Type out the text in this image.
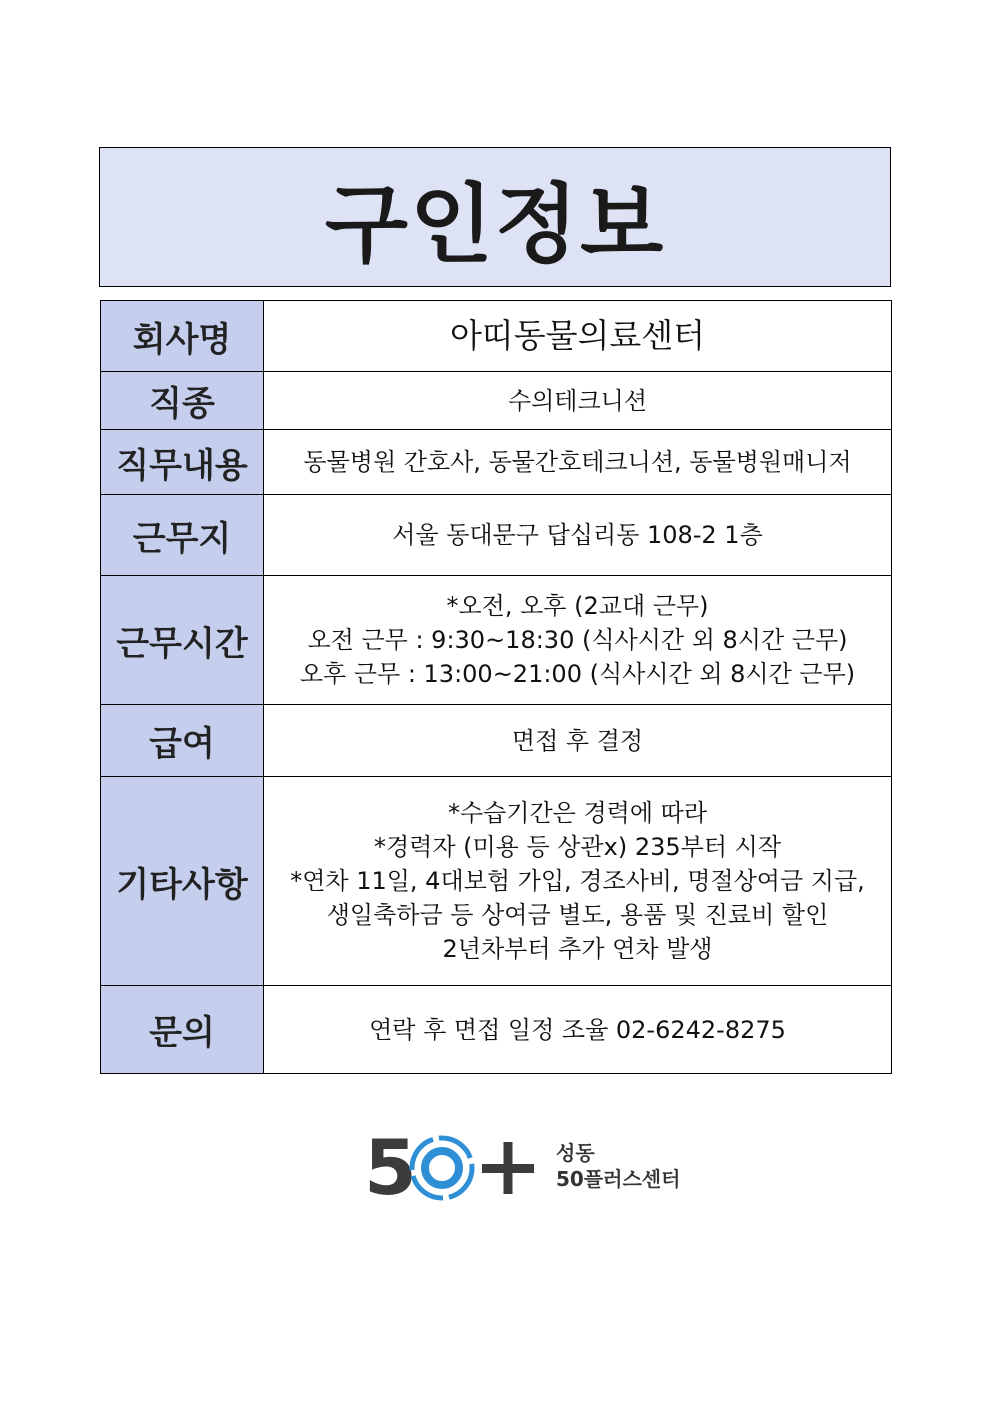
구인정보
회사명	아띠동물의료센터

직종	수의테크니션

직무내용	동물병원 간호사, 동물간호테크니션, 동물병원매니저

근무지	서울 동대문구 답십리동 108-2 1층

근무시간	*오전, 오후 (2교대 근무)
오전 근무 : 9:30~18:30 (식사시간 외 8시간 근무)
오후 근무 : 13:00~21:00 (식사시간 외 8시간 근무)

급여	면접 후 결정

기타사항	*수습기간은 경력에 따라
*경력자 (미용 등 상관x) 235부터 시작
*연차 11일, 4대보험 가입, 경조사비, 명절상여금 지급,
생일축하금 등 상여금 별도, 용품 및 진료비 할인
2년차부터 추가 연차 발생

문의	연락 후 면접 일정 조율 02-6242-8275
5	성동
50플러스센터
